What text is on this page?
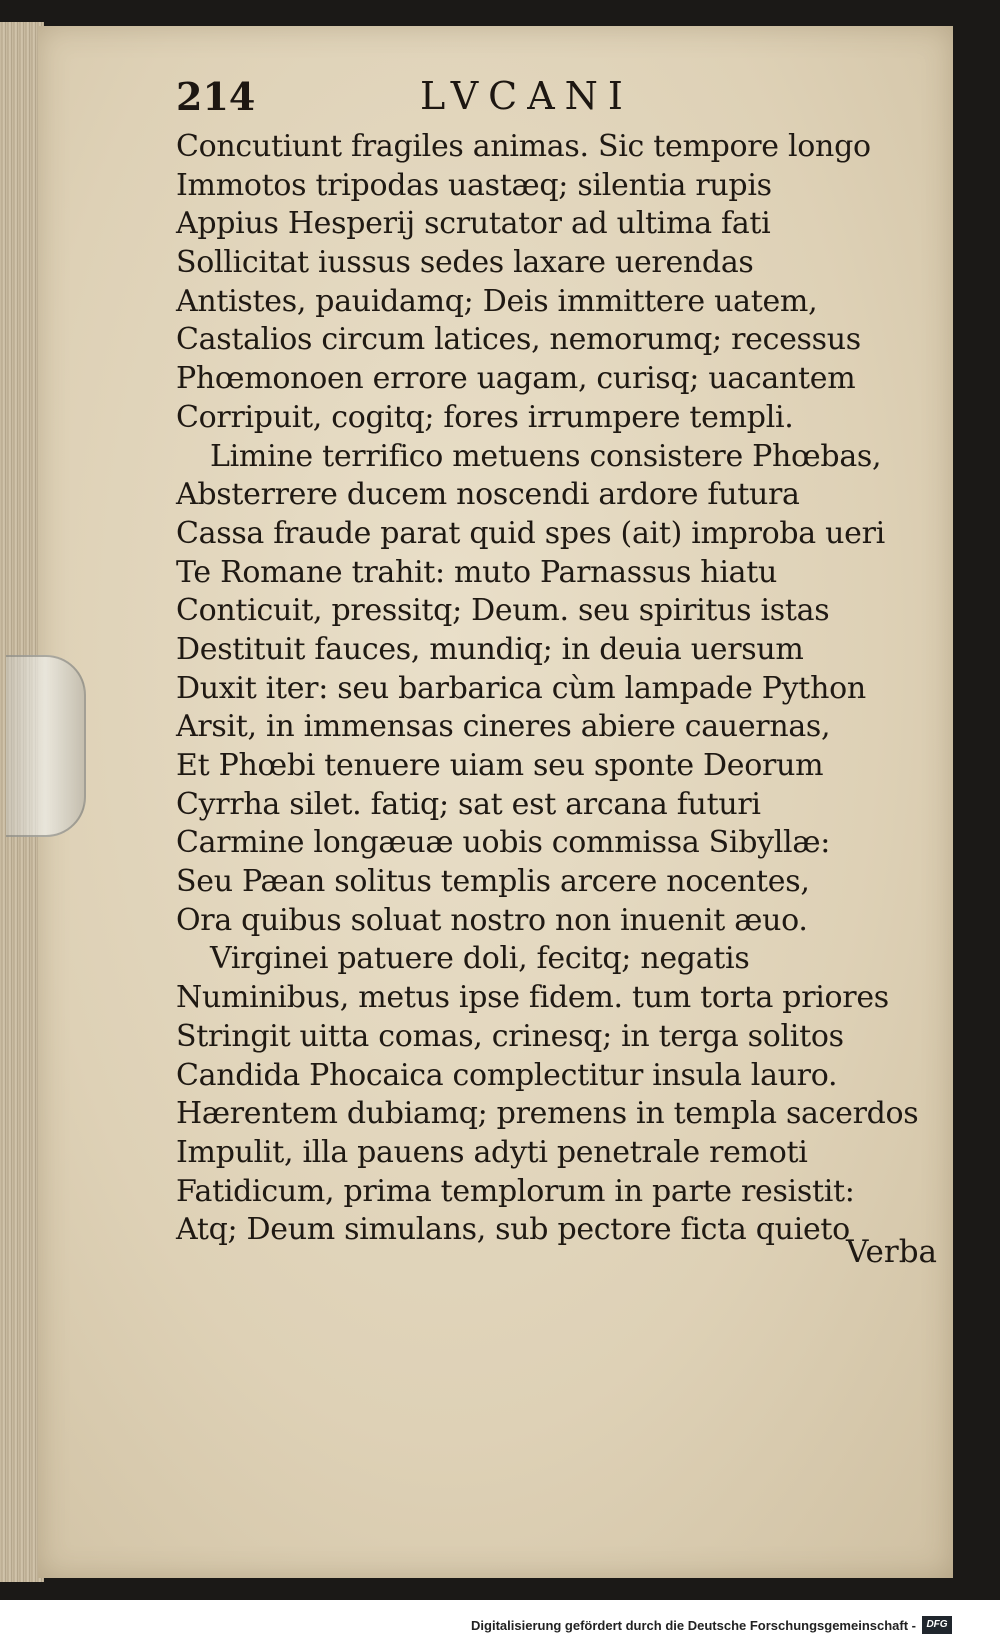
214	LVCANI
Concutiunt fragiles animas. Sic tempore longo
Immotos tripodas uastæq; silentia rupis
Appius Hesperij scrutator ad ultima fati
Sollicitat iussus sedes laxare uerendas
Antistes, pauidamq; Deis immittere uatem,
Castalios circum latices, nemorumq; recessus
Phœmonoen errore uagam, curisq; uacantem
Corripuit, cogitq; fores irrumpere templi.
Limine terrifico metuens consistere Phœbas,
Absterrere ducem noscendi ardore futura
Cassa fraude parat quid spes (ait) improba ueri
Te Romane trahit: muto Parnassus hiatu
Conticuit, pressitq; Deum. seu spiritus istas
Destituit fauces, mundiq; in deuia uersum
Duxit iter: seu barbarica cùm lampade Python
Arsit, in immensas cineres abiere cauernas,
Et Phœbi tenuere uiam seu sponte Deorum
Cyrrha silet. fatiq; sat est arcana futuri
Carmine longæuæ uobis commissa Sibyllæ:
Seu Pæan solitus templis arcere nocentes,
Ora quibus soluat nostro non inuenit æuo.
Virginei patuere doli, fecitq; negatis
Numinibus, metus ipse fidem. tum torta priores
Stringit uitta comas, crinesq; in terga solitos
Candida Phocaica complectitur insula lauro.
Hærentem dubiamq; premens in templa sacerdos
Impulit, illa pauens adyti penetrale remoti
Fatidicum, prima templorum in parte resistit:
Atq; Deum simulans, sub pectore ficta quieto
Verba
Digitalisierung gefördert durch die Deutsche Forschungsgemeinschaft -	DFG
